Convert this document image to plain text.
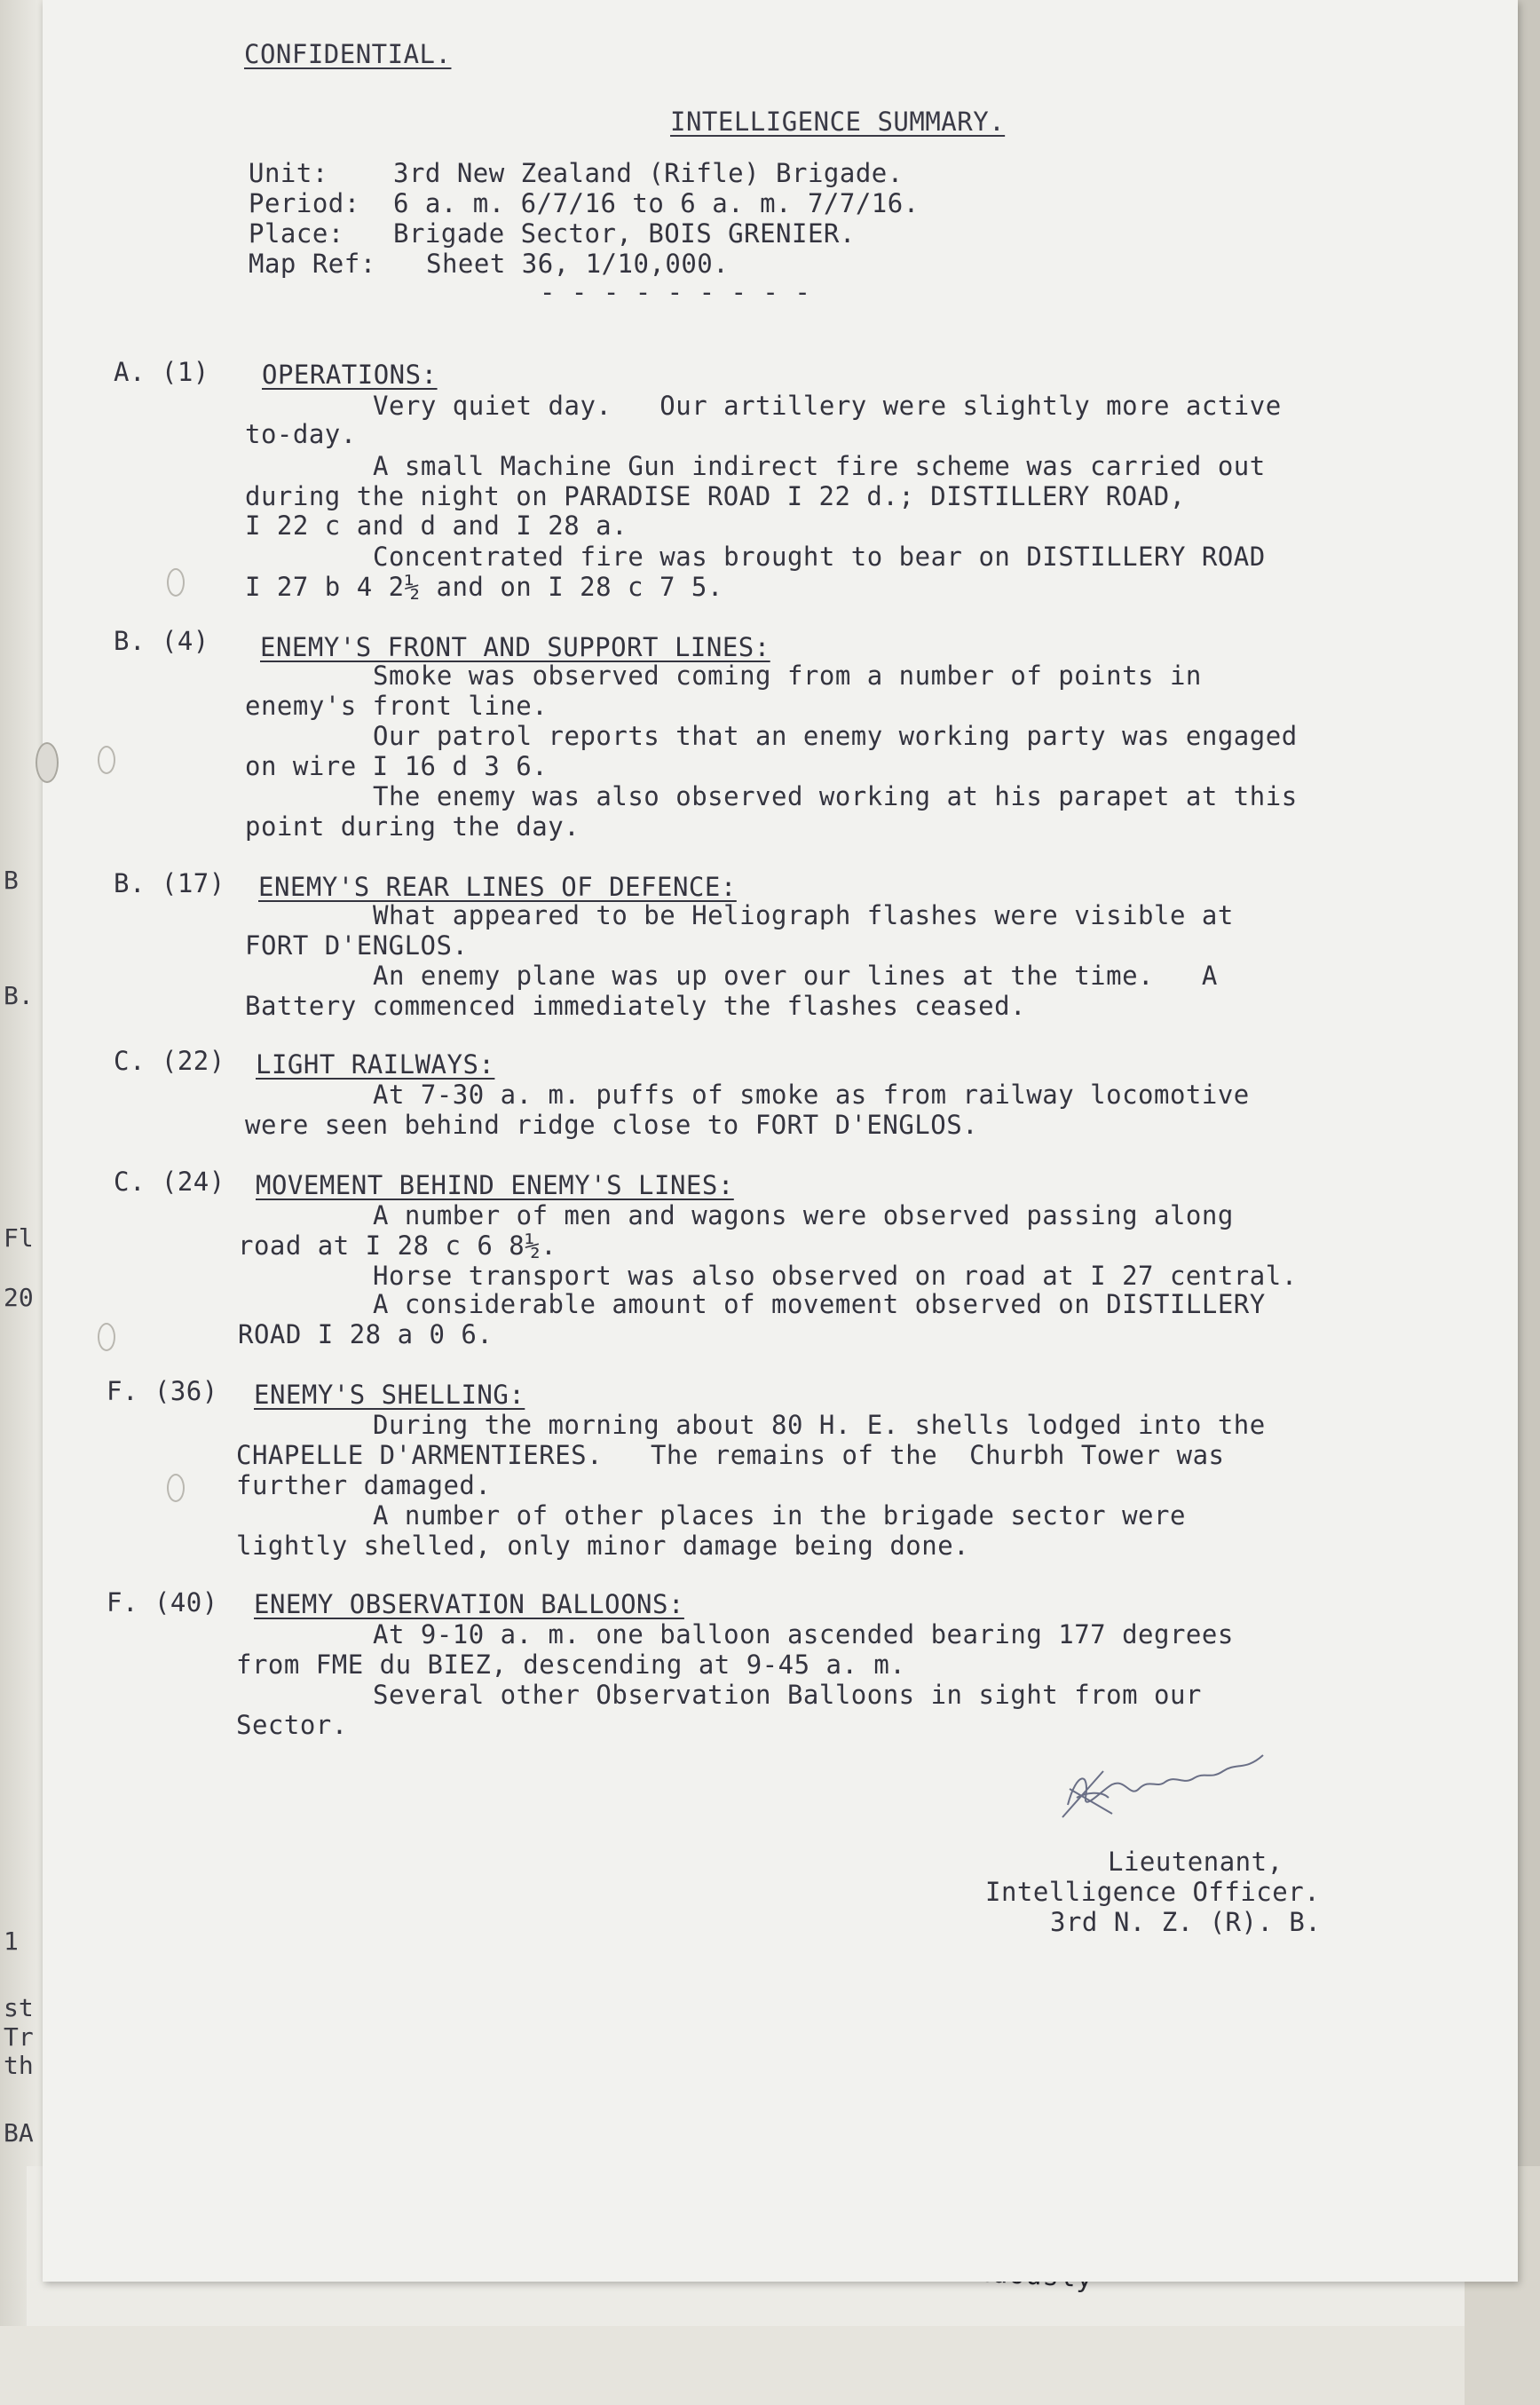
B
B.
Fl
20
1
st
Tr
th
BA
CONFIDENTIAL.
INTELLIGENCE SUMMARY.
Unit:	3rd New Zealand (Rifle) Brigade.
Period: 6 a. m. 6/7/16 to 6 a. m. 7/7/16.
Place: Brigade Sector, BOIS GRENIER.
Map Ref: Sheet 36, 1/10,000.
- - - - - - - - -
A. (1) OPERATIONS:
Very quiet day.   Our artillery were slightly more active
to-day.
A small Machine Gun indirect fire scheme was carried out
during the night on PARADISE ROAD I 22 d.; DISTILLERY ROAD,
I 22 c and d and I 28 a.
Concentrated fire was brought to bear on DISTILLERY ROAD
I 27 b 4 2½ and on I 28 c 7 5.
B. (4) ENEMY'S FRONT AND SUPPORT LINES:
Smoke was observed coming from a number of points in
enemy's front line.
Our patrol reports that an enemy working party was engaged
on wire I 16 d 3 6.
The enemy was also observed working at his parapet at this
point during the day.
B. (17) ENEMY'S REAR LINES OF DEFENCE:
What appeared to be Heliograph flashes were visible at
FORT D'ENGLOS.
An enemy plane was up over our lines at the time.   A
Battery commenced immediately the flashes ceased.
C. (22) LIGHT RAILWAYS:
At 7-30 a. m. puffs of smoke as from railway locomotive
were seen behind ridge close to FORT D'ENGLOS.
C. (24) MOVEMENT BEHIND ENEMY'S LINES:
A number of men and wagons were observed passing along
road at I 28 c 6 8½.
Horse transport was also observed on road at I 27 central.
A considerable amount of movement observed on DISTILLERY
ROAD I 28 a 0 6.
F. (36) ENEMY'S SHELLING:
During the morning about 80 H. E. shells lodged into the
CHAPELLE D'ARMENTIERES.   The remains of the  Churbh Tower was
further damaged.
A number of other places in the brigade sector were
lightly shelled, only minor damage being done.
F. (40) ENEMY OBSERVATION BALLOONS:
At 9-10 a. m. one balloon ascended bearing 177 degrees
from FME du BIEZ, descending at 9-45 a. m.
Several other Observation Balloons in sight from our
Sector.
Lieutenant,
Intelligence Officer.
3rd N. Z. (R). B.
